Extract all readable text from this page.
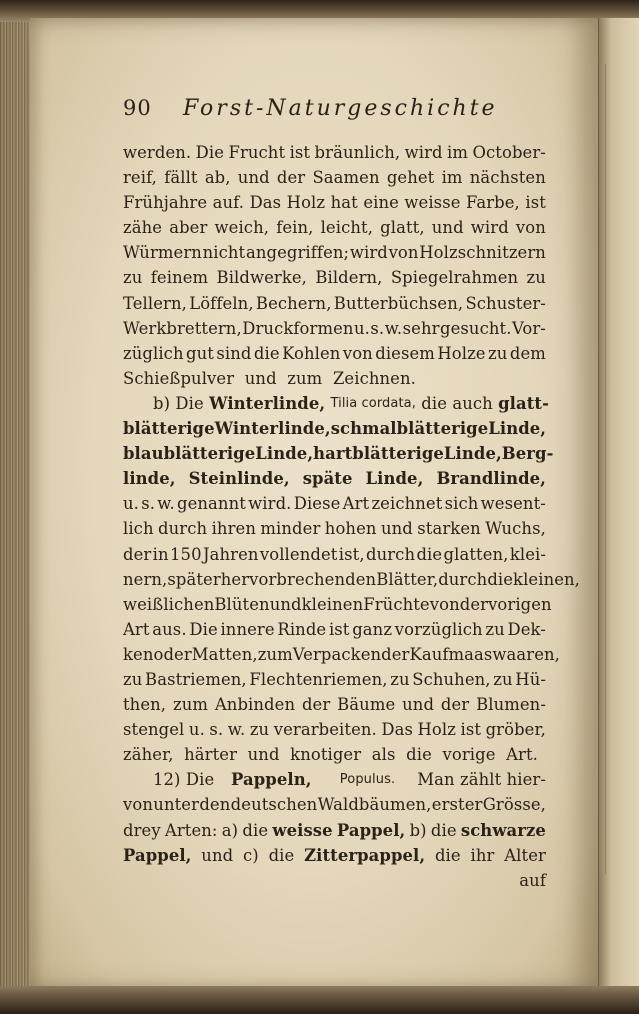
90	Forst-Naturgeschichte
werden. Die Frucht ist bräunlich, wird im October-
reif, fällt ab, und der Saamen gehet im nächsten
Frühjahre auf. Das Holz hat eine weisse Farbe, ist
zähe aber weich, fein, leicht, glatt, und wird von
Würmern nicht angegriffen; wird von Holzschnitzern
zu feinem Bildwerke, Bildern, Spiegelrahmen zu
Tellern, Löffeln, Bechern, Butterbüchsen, Schuster-
Werkbrettern, Druckformen u. s. w. sehr gesucht. Vor-
züglich gut sind die Kohlen von diesem Holze zu dem
Schießpulver  und  zum  Zeichnen.
b) Die Winterlinde,
Tilia cordata, die auch glatt-
blätterige Winterlinde, schmalblätterige Linde,
blaublätterige Linde, hartblätterige Linde, Berg-
linde, Steinlinde, späte Linde, Brandlinde,
u. s. w. genannt wird. Diese Art zeichnet sich wesent-
lich durch ihren minder hohen und starken Wuchs,
der in 150 Jahren vollendet ist, durch die glatten, klei-
nern, später hervorbrechenden Blätter, durch die kleinen,
weißlichen Blüten und kleinen Früchte von der vorigen
Art aus. Die innere Rinde ist ganz vorzüglich zu Dek-
ken oder Matten, zum Verpacken der Kaufmaaswaaren,
zu Bastriemen, Flechtenriemen, zu Schuhen, zu Hü-
then, zum Anbinden der Bäume und der Blumen-
stengel u. s. w. zu verarbeiten. Das Holz ist gröber,
zäher,  härter  und  knotiger  als  die  vorige  Art.
12) Die Pappeln,
Populus. Man zählt hier-
von unter den deutschen Waldbäumen, erster Grösse,
drey Arten: a) die weisse Pappel, b) die schwarze
Pappel, und c) die Zitterpappel, die ihr Alter
auf
